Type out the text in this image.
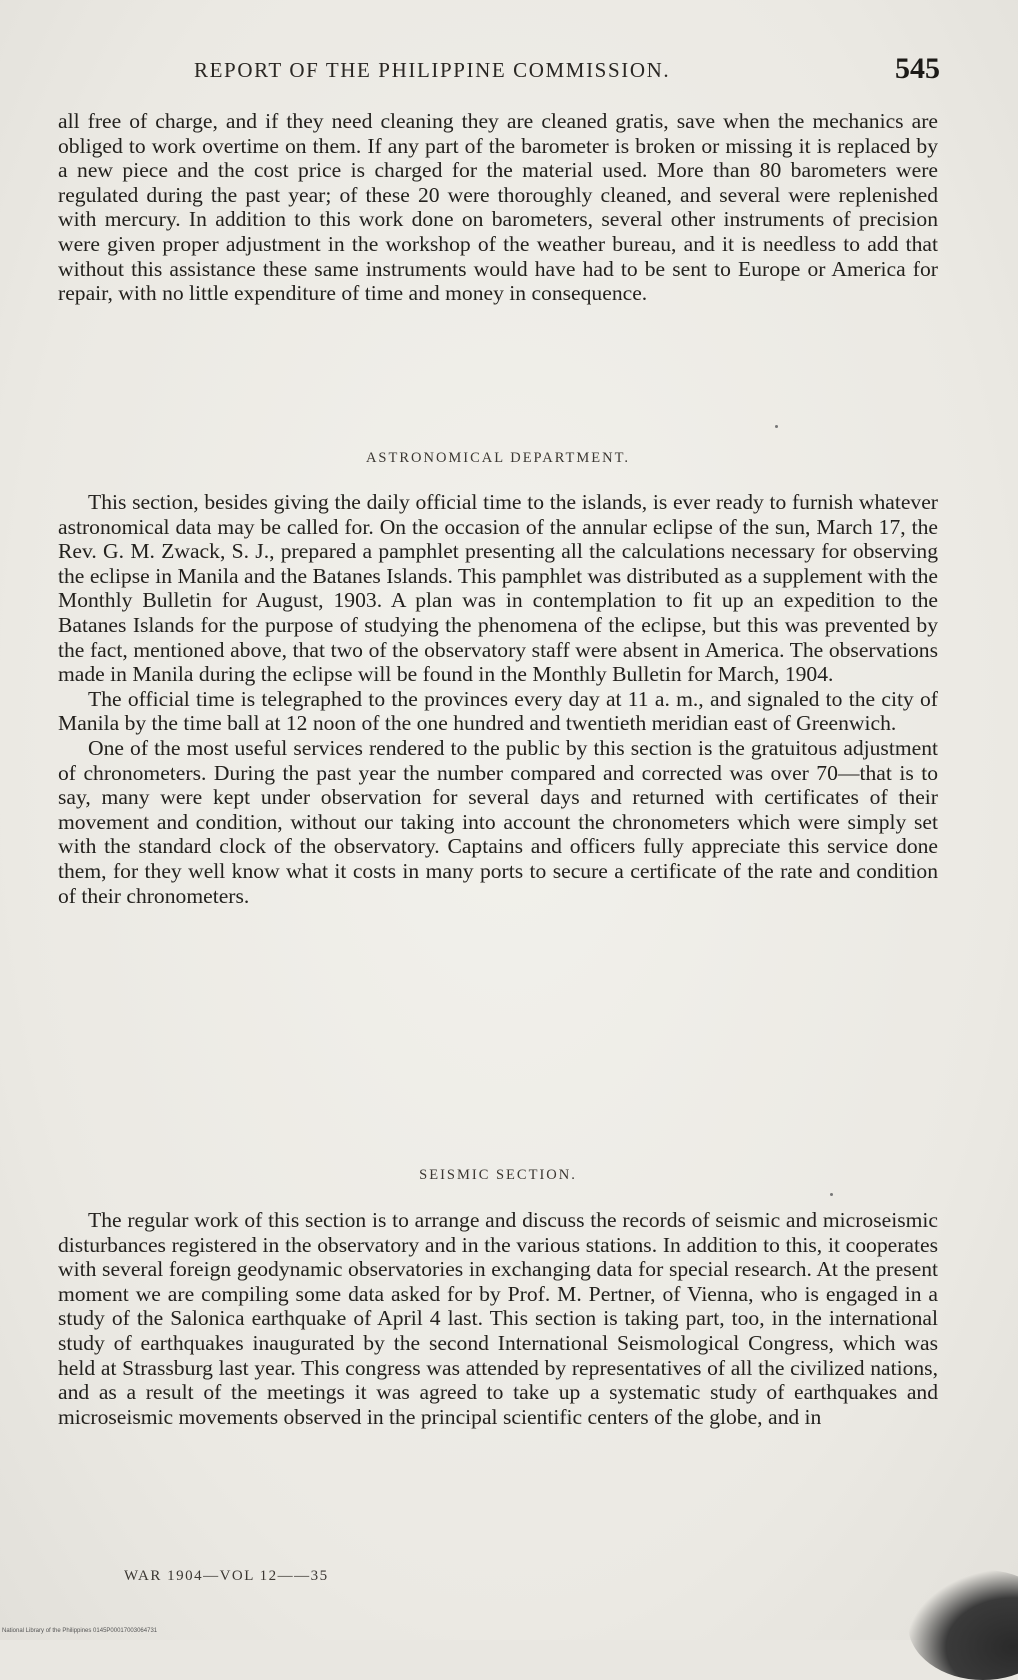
REPORT OF THE PHILIPPINE COMMISSION.	545

all free of charge, and if they need cleaning they are cleaned gratis, save when the mechanics are obliged to work overtime on them. If any part of the barometer is broken or missing it is replaced by a new piece and the cost price is charged for the material used. More than 80 barometers were regulated during the past year; of these 20 were thoroughly cleaned, and several were replenished with mercury. In addition to this work done on barometers, several other instruments of precision were given proper adjustment in the workshop of the weather bureau, and it is needless to add that without this assistance these same instruments would have had to be sent to Europe or America for repair, with no little expenditure of time and money in consequence.

ASTRONOMICAL DEPARTMENT.

This section, besides giving the daily official time to the islands, is ever ready to furnish whatever astronomical data may be called for. On the occasion of the annular eclipse of the sun, March 17, the Rev. G. M. Zwack, S. J., prepared a pamphlet presenting all the calculations necessary for observing the eclipse in Manila and the Batanes Islands. This pamphlet was distributed as a supplement with the Monthly Bulletin for August, 1903. A plan was in contemplation to fit up an expedition to the Batanes Islands for the purpose of studying the phenomena of the eclipse, but this was prevented by the fact, mentioned above, that two of the observatory staff were absent in America. The observations made in Manila during the eclipse will be found in the Monthly Bulletin for March, 1904.

The official time is telegraphed to the provinces every day at 11 a. m., and signaled to the city of Manila by the time ball at 12 noon of the one hundred and twentieth meridian east of Greenwich.

One of the most useful services rendered to the public by this section is the gratuitous adjustment of chronometers. During the past year the number compared and corrected was over 70—that is to say, many were kept under observation for several days and returned with certificates of their movement and condition, without our taking into account the chronometers which were simply set with the standard clock of the observatory. Captains and officers fully appreciate this service done them, for they well know what it costs in many ports to secure a certificate of the rate and condition of their chronometers.

SEISMIC SECTION.

The regular work of this section is to arrange and discuss the records of seismic and microseismic disturbances registered in the observatory and in the various stations. In addition to this, it cooperates with several foreign geodynamic observatories in exchanging data for special research. At the present moment we are compiling some data asked for by Prof. M. Pertner, of Vienna, who is engaged in a study of the Salonica earthquake of April 4 last. This section is taking part, too, in the international study of earthquakes inaugurated by the second International Seismological Congress, which was held at Strassburg last year. This congress was attended by representatives of all the civilized nations, and as a result of the meetings it was agreed to take up a systematic study of earthquakes and microseismic movements observed in the principal scientific centers of the globe, and in

WAR 1904—VOL 12——35
National Library of the Philippines 0145P00017003064731
